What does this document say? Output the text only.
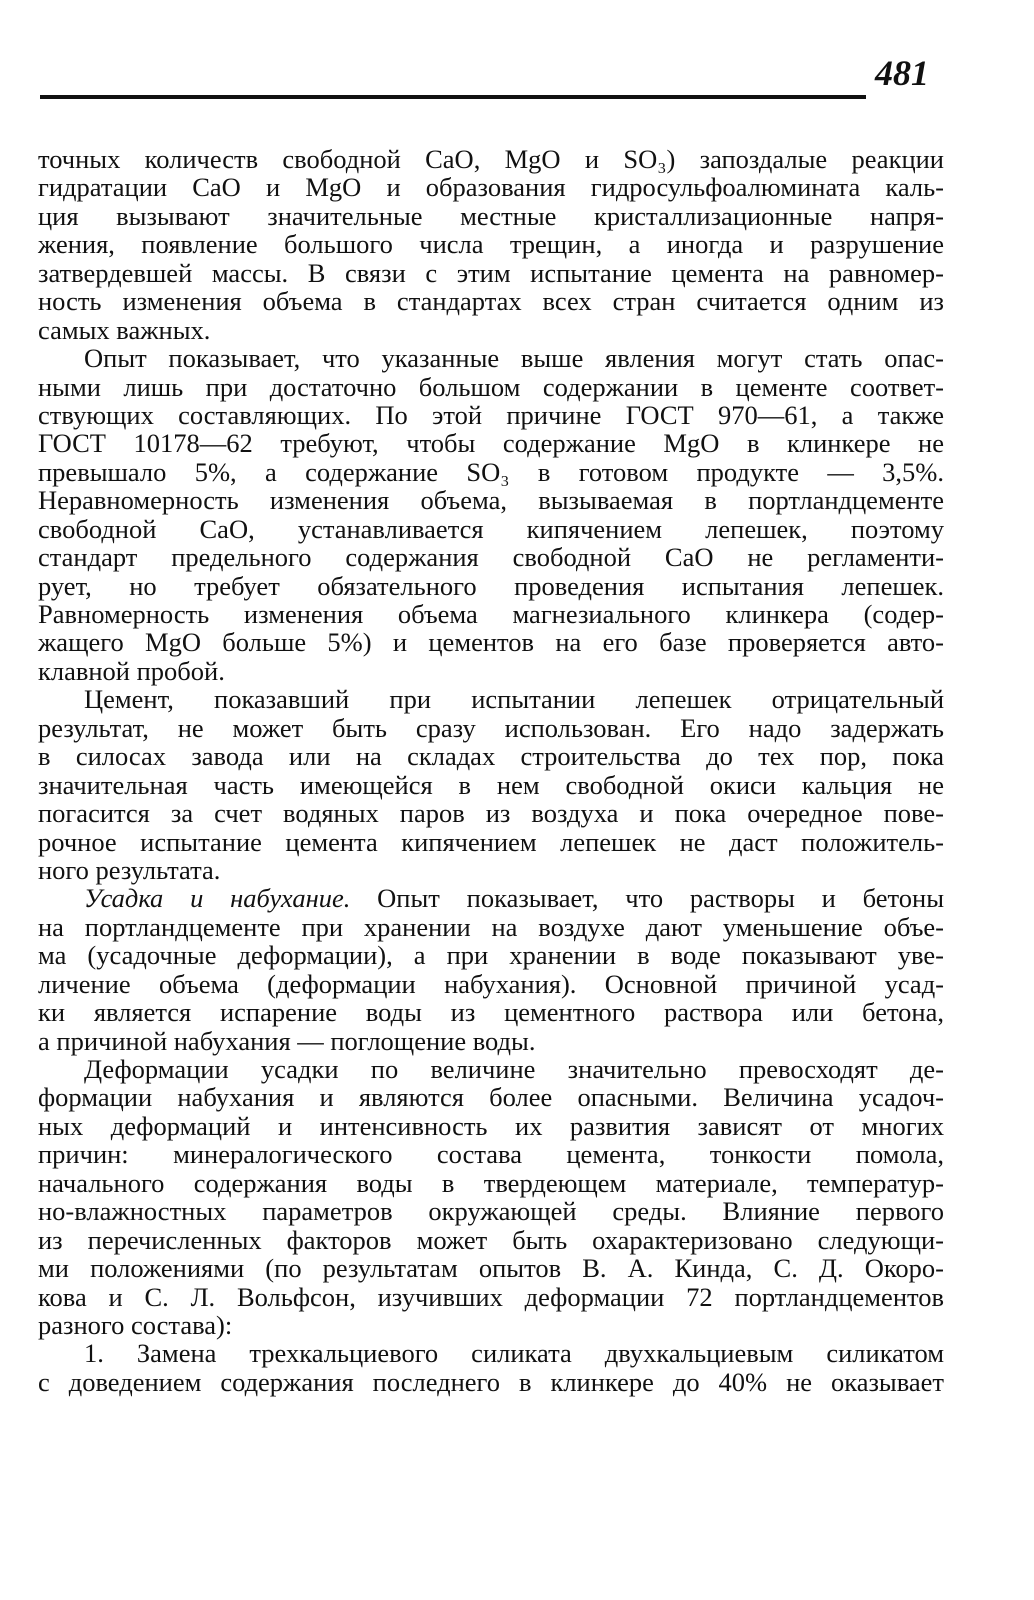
481
точных количеств свободной CaO, MgO и SO₃) запоздалые реакции
гидратации CaO и MgO и образования гидросульфоалюмината каль-
ция вызывают значительные местные кристаллизационные напря-
жения, появление большого числа трещин, а иногда и разрушение
затвердевшей массы. В связи с этим испытание цемента на равномер-
ность изменения объема в стандартах всех стран считается одним из
самых важных.
Опыт показывает, что указанные выше явления могут стать опас-
ными лишь при достаточно большом содержании в цементе соответ-
ствующих составляющих. По этой причине ГОСТ 970—61, а также
ГОСТ 10178—62 требуют, чтобы содержание MgO в клинкере не
превышало 5%, а содержание SO₃ в готовом продукте — 3,5%.
Неравномерность изменения объема, вызываемая в портландцементе
свободной CaO, устанавливается кипячением лепешек, поэтому
стандарт предельного содержания свободной CaO не регламенти-
рует, но требует обязательного проведения испытания лепешек.
Равномерность изменения объема магнезиального клинкера (содер-
жащего MgO больше 5%) и цементов на его базе проверяется авто-
клавной пробой.
Цемент, показавший при испытании лепешек отрицательный
результат, не может быть сразу использован. Его надо задержать
в силосах завода или на складах строительства до тех пор, пока
значительная часть имеющейся в нем свободной окиси кальция не
погасится за счет водяных паров из воздуха и пока очередное пове-
рочное испытание цемента кипячением лепешек не даст положитель-
ного результата.
Усадка и набухание. Опыт показывает, что растворы и бетоны
на портландцементе при хранении на воздухе дают уменьшение объе-
ма (усадочные деформации), а при хранении в воде показывают уве-
личение объема (деформации набухания). Основной причиной усад-
ки является испарение воды из цементного раствора или бетона,
а причиной набухания — поглощение воды.
Деформации усадки по величине значительно превосходят де-
формации набухания и являются более опасными. Величина усадоч-
ных деформаций и интенсивность их развития зависят от многих
причин: минералогического состава цемента, тонкости помола,
начального содержания воды в твердеющем материале, температур-
но-влажностных параметров окружающей среды. Влияние первого
из перечисленных факторов может быть охарактеризовано следующи-
ми положениями (по результатам опытов В. А. Кинда, С. Д. Окоро-
кова и С. Л. Вольфсон, изучивших деформации 72 портландцементов
разного состава):
1. Замена трехкальциевого силиката двухкальциевым силикатом
с доведением содержания последнего в клинкере до 40% не оказывает
